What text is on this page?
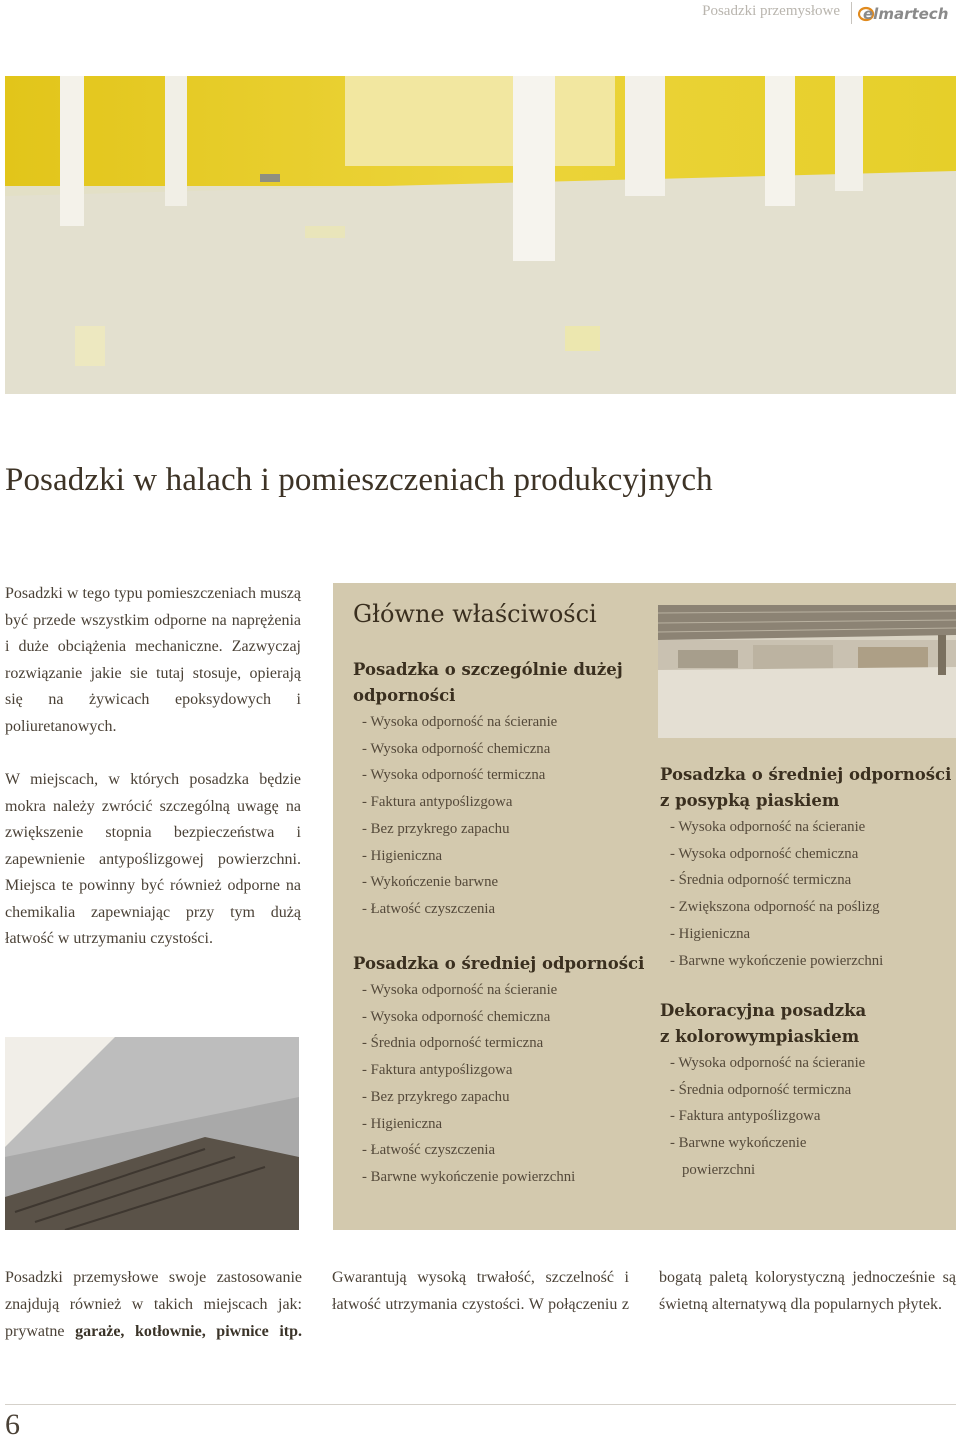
Posadzki przemysłowe elmartech
Posadzki w halach i pomieszczeniach produkcyjnych

Posadzki w tego typu pomieszczeniach muszą być przede wszystkim odporne na naprężenia i duże obciążenia mechaniczne. Zazwyczaj rozwiązanie jakie sie tutaj stosuje, opierają się na żywicach epoksydowych i poliuretanowych.

W miejscach, w których posadzka będzie mokra należy zwrócić szczególną uwagę na zwiększenie stopnia bezpieczeństwa i zapewnienie antypoślizgowej powierzchni. Miejsca te powinny być również odporne na chemikalia zapewniając przy tym dużą łatwość w utrzymaniu czystości.

Główne właściwości
Posadzka o szczególnie dużej odporności
- Wysoka odporność na ścieranie
- Wysoka odporność chemiczna
- Wysoka odporność termiczna
- Faktura antypoślizgowa
- Bez przykrego zapachu
- Higieniczna
- Wykończenie barwne
- Łatwość czyszczenia
Posadzka o średniej odporności
- Wysoka odporność na ścieranie
- Wysoka odporność chemiczna
- Średnia odporność termiczna
- Faktura antypoślizgowa
- Bez przykrego zapachu
- Higieniczna
- Łatwość czyszczenia
- Barwne wykończenie powierzchni
Posadzka o średniej odporności
z posypką piaskiem
- Wysoka odporność na ścieranie
- Wysoka odporność chemiczna
- Średnia odporność termiczna
- Zwiększona odporność na poślizg
- Higieniczna
- Barwne wykończenie powierzchni
Dekoracyjna posadzka
z kolorowympiaskiem
- Wysoka odporność na ścieranie
- Średnia odporność termiczna
- Faktura antypoślizgowa
- Barwne wykończenie
powierzchni

Posadzki przemysłowe swoje zastosowanie znajdują również w takich miejscach jak: prywatne garaże, kotłownie, piwnice itp. Gwarantują wysoką trwałość, szczelność i łatwość utrzymania czystości. W połączeniu z bogatą paletą kolorystyczną jednocześnie są świetną alternatywą dla popularnych płytek.

6
